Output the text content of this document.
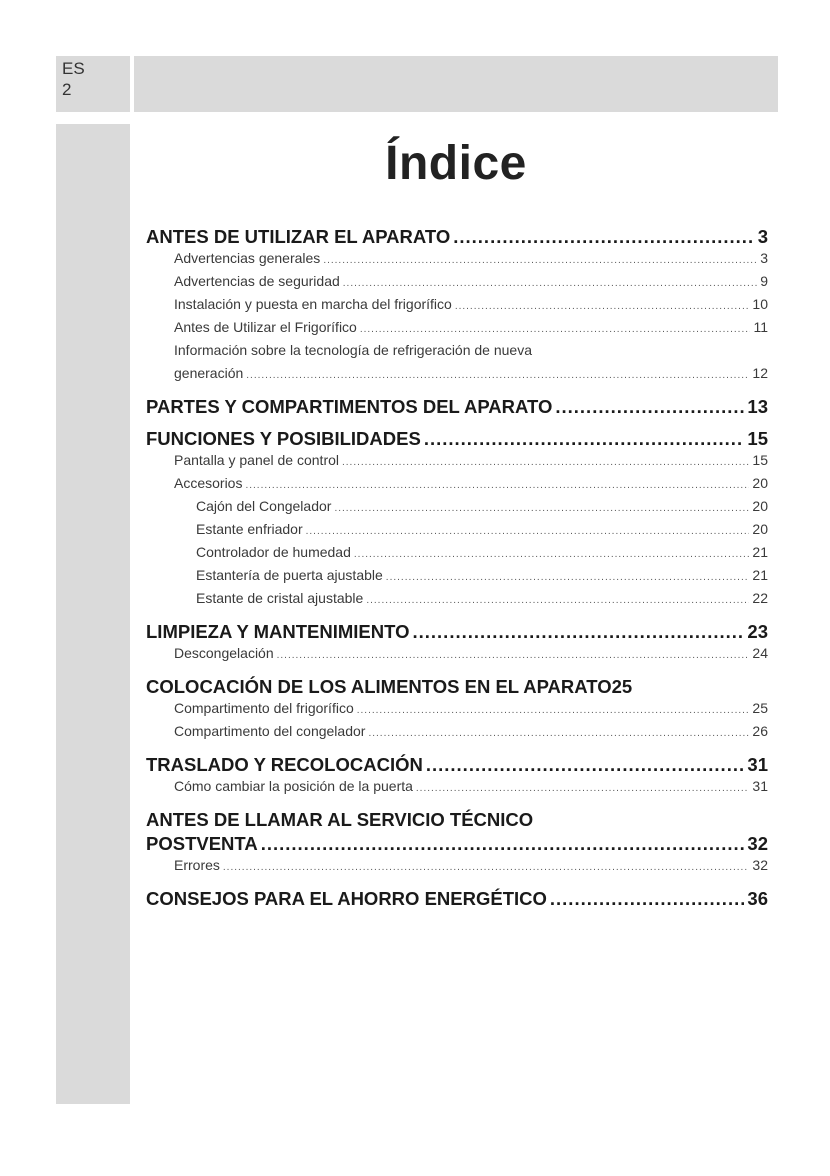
ES
2
Índice
ANTES DE UTILIZAR EL APARATO .....	3
Advertencias generales .....	3
Advertencias de seguridad .....	9
Instalación y puesta en marcha del frigorífico .....	10
Antes de Utilizar el Frigorífico .....	11
Información sobre la tecnología de refrigeración de nueva
generación .....	12
PARTES Y COMPARTIMENTOS DEL APARATO .....	13
FUNCIONES Y POSIBILIDADES .....	15
Pantalla y panel de control .....	15
Accesorios .....	20
Cajón del Congelador .....	20
Estante enfriador .....	20
Controlador de humedad .....	21
Estantería de puerta ajustable .....	21
Estante de cristal ajustable .....	22
LIMPIEZA Y MANTENIMIENTO .....	23
Descongelación .....	24
COLOCACIÓN DE LOS ALIMENTOS EN EL APARATO 25
Compartimento del frigorífico .....	25
Compartimento del congelador .....	26
TRASLADO Y RECOLOCACIÓN .....	31
Cómo cambiar la posición de la puerta .....	31
ANTES DE LLAMAR AL SERVICIO TÉCNICO
POSTVENTA .....	32
Errores .....	32
CONSEJOS PARA EL AHORRO ENERGÉTICO .....	36
